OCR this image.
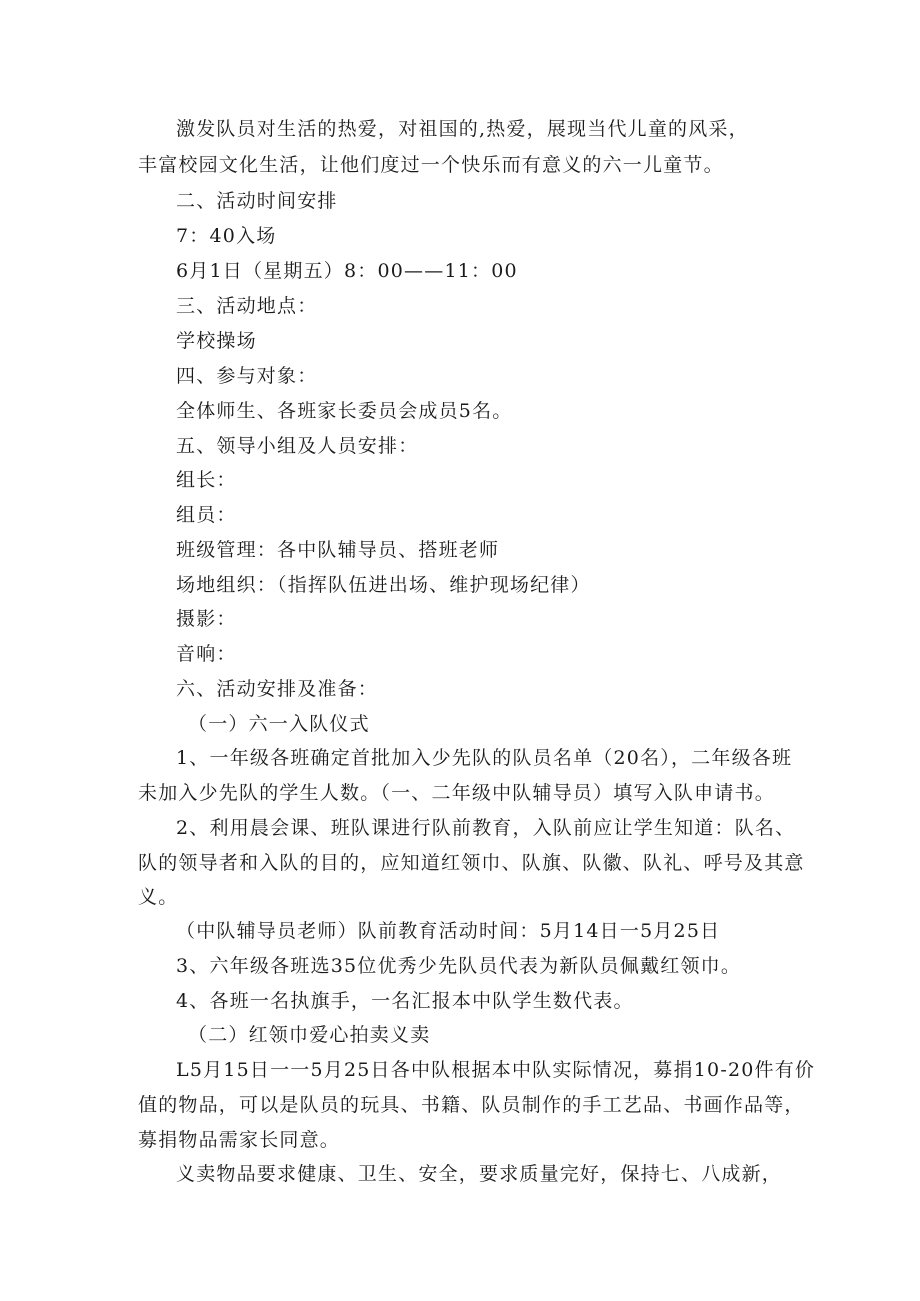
激发队员对生活的热爱，对祖国的,热爱，展现当代儿童的风采，
丰富校园文化生活，让他们度过一个快乐而有意义的六一儿童节。
二、活动时间安排
7：40入场
6月1日（星期五）8：00——11：00
三、活动地点：
学校操场
四、参与对象：
全体师生、各班家长委员会成员5名。
五、领导小组及人员安排：
组长：
组员：
班级管理：各中队辅导员、搭班老师
场地组织：（指挥队伍进出场、维护现场纪律）
摄影：
音响：
六、活动安排及准备：
（一）六一入队仪式
1、一年级各班确定首批加入少先队的队员名单（20名），二年级各班
未加入少先队的学生人数。（一、二年级中队辅导员）填写入队申请书。
2、利用晨会课、班队课进行队前教育，入队前应让学生知道：队名、
队的领导者和入队的目的，应知道红领巾、队旗、队徽、队礼、呼号及其意
义。
（中队辅导员老师）队前教育活动时间：5月14日一5月25日
3、六年级各班选35位优秀少先队员代表为新队员佩戴红领巾。
4、各班一名执旗手，一名汇报本中队学生数代表。
（二）红领巾爱心拍卖义卖
L5月15日一一5月25日各中队根据本中队实际情况，募捐10-20件有价
值的物品，可以是队员的玩具、书籍、队员制作的手工艺品、书画作品等，
募捐物品需家长同意。
义卖物品要求健康、卫生、安全，要求质量完好，保持七、八成新，
